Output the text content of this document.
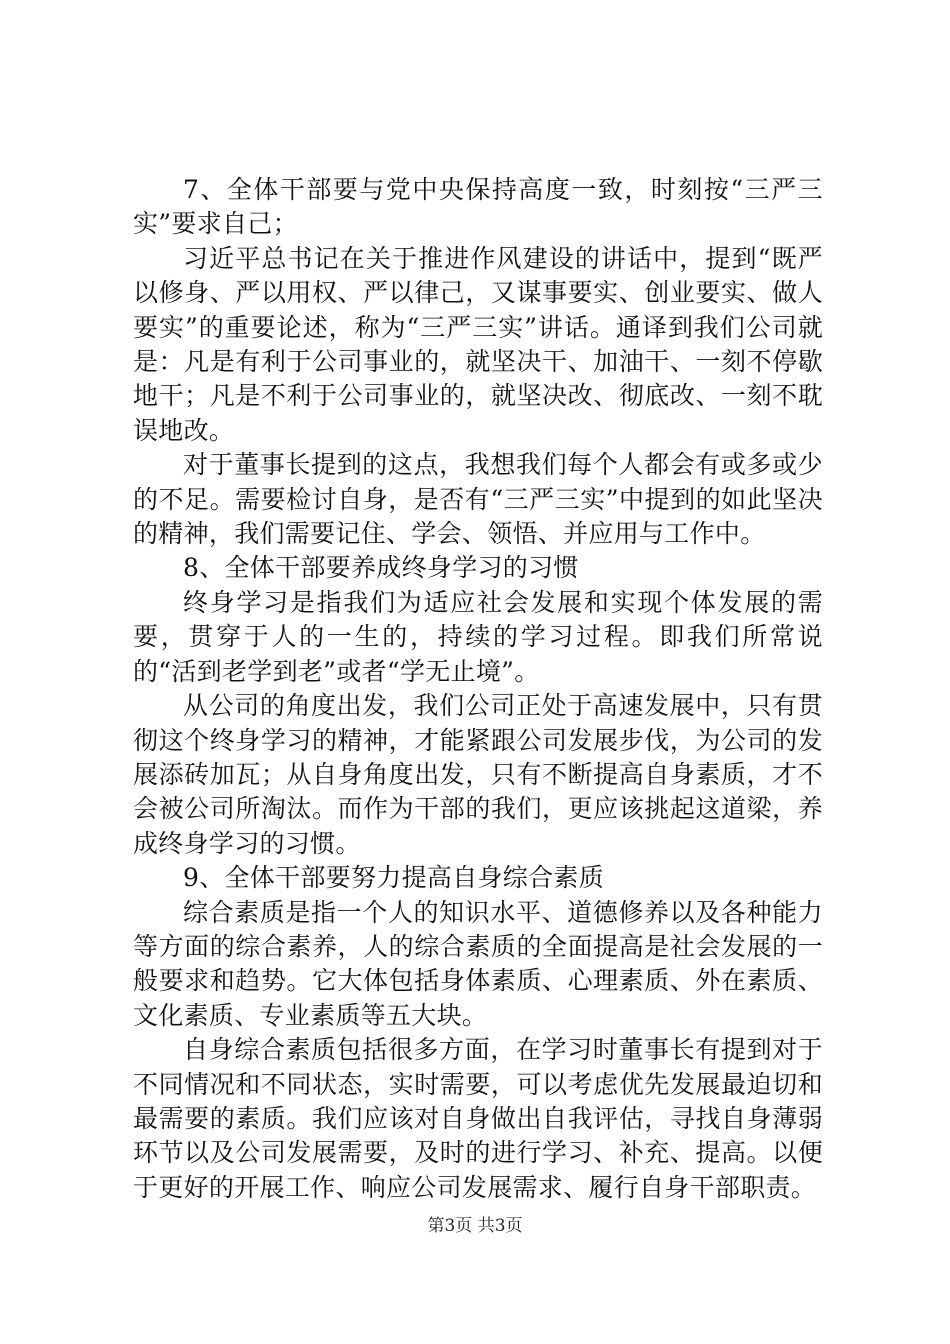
7、全体干部要与党中央保持高度一致，时刻按“三严三实”要求自己；

习近平总书记在关于推进作风建设的讲话中，提到“既严以修身、严以用权、严以律己，又谋事要实、创业要实、做人要实”的重要论述，称为“三严三实”讲话。通译到我们公司就是：凡是有利于公司事业的，就坚决干、加油干、一刻不停歇地干；凡是不利于公司事业的，就坚决改、彻底改、一刻不耽误地改。

对于董事长提到的这点，我想我们每个人都会有或多或少的不足。需要检讨自身，是否有“三严三实”中提到的如此坚决的精神，我们需要记住、学会、领悟、并应用与工作中。

8、全体干部要养成终身学习的习惯

终身学习是指我们为适应社会发展和实现个体发展的需要，贯穿于人的一生的，持续的学习过程。即我们所常说的“活到老学到老”或者“学无止境”。

从公司的角度出发，我们公司正处于高速发展中，只有贯彻这个终身学习的精神，才能紧跟公司发展步伐，为公司的发展添砖加瓦；从自身角度出发，只有不断提高自身素质，才不会被公司所淘汰。而作为干部的我们，更应该挑起这道梁，养成终身学习的习惯。

9、全体干部要努力提高自身综合素质

综合素质是指一个人的知识水平、道德修养以及各种能力等方面的综合素养，人的综合素质的全面提高是社会发展的一般要求和趋势。它大体包括身体素质、心理素质、外在素质、文化素质、专业素质等五大块。

自身综合素质包括很多方面，在学习时董事长有提到对于不同情况和不同状态，实时需要，可以考虑优先发展最迫切和最需要的素质。我们应该对自身做出自我评估，寻找自身薄弱环节以及公司发展需要，及时的进行学习、补充、提高。以便于更好的开展工作、响应公司发展需求、履行自身干部职责。

第3页 共3页
